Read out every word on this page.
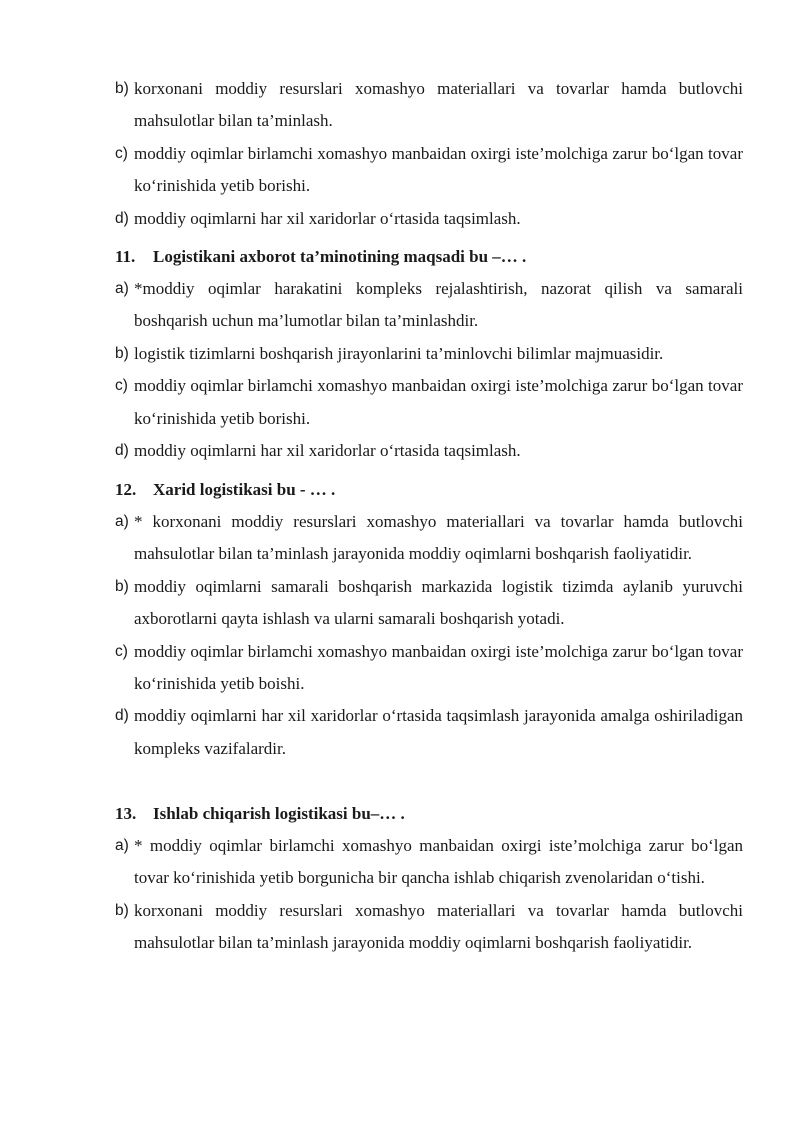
b) korxonani moddiy resurslari xomashyo materiallari va tovarlar hamda butlovchi mahsulotlar bilan ta’minlash.
c) moddiy oqimlar birlamchi xomashyo manbaidan oxirgi iste’molchiga zarur bo‘lgan tovar ko‘rinishida yetib borishi.
d) moddiy oqimlarni har xil xaridorlar o‘rtasida taqsimlash.
11. Logistikani axborot ta’minotining maqsadi bu –… .
a) *moddiy oqimlar harakatini kompleks rejalashtirish, nazorat qilish va samarali boshqarish uchun ma’lumotlar bilan ta’minlashdir.
b) logistik tizimlarni boshqarish jirayonlarini ta’minlovchi bilimlar majmuasidir.
c) moddiy oqimlar birlamchi xomashyo manbaidan oxirgi iste’molchiga zarur bo‘lgan tovar ko‘rinishida yetib borishi.
d) moddiy oqimlarni har xil xaridorlar o‘rtasida taqsimlash.
12. Xarid logistikasi bu - … .
a) * korxonani moddiy resurslari xomashyo materiallari va tovarlar hamda butlovchi mahsulotlar bilan ta’minlash jarayonida moddiy oqimlarni boshqarish faoliyatidir.
b) moddiy oqimlarni samarali boshqarish markazida logistik tizimda aylanib yuruvchi axborotlarni qayta ishlash va ularni samarali boshqarish yotadi.
c) moddiy oqimlar birlamchi xomashyo manbaidan oxirgi iste’molchiga zarur bo‘lgan tovar ko‘rinishida yetib boishi.
d) moddiy oqimlarni har xil xaridorlar o‘rtasida taqsimlash jarayonida amalga oshiriladigan kompleks vazifalardir.
13. Ishlab chiqarish logistikasi bu–… .
a) * moddiy oqimlar birlamchi xomashyo manbaidan oxirgi iste’molchiga zarur bo‘lgan tovar ko‘rinishida yetib borgunicha bir qancha ishlab chiqarish zvenolaridan o‘tishi.
b) korxonani moddiy resurslari xomashyo materiallari va tovarlar hamda butlovchi mahsulotlar bilan ta’minlash jarayonida moddiy oqimlarni boshqarish faoliyatidir.
